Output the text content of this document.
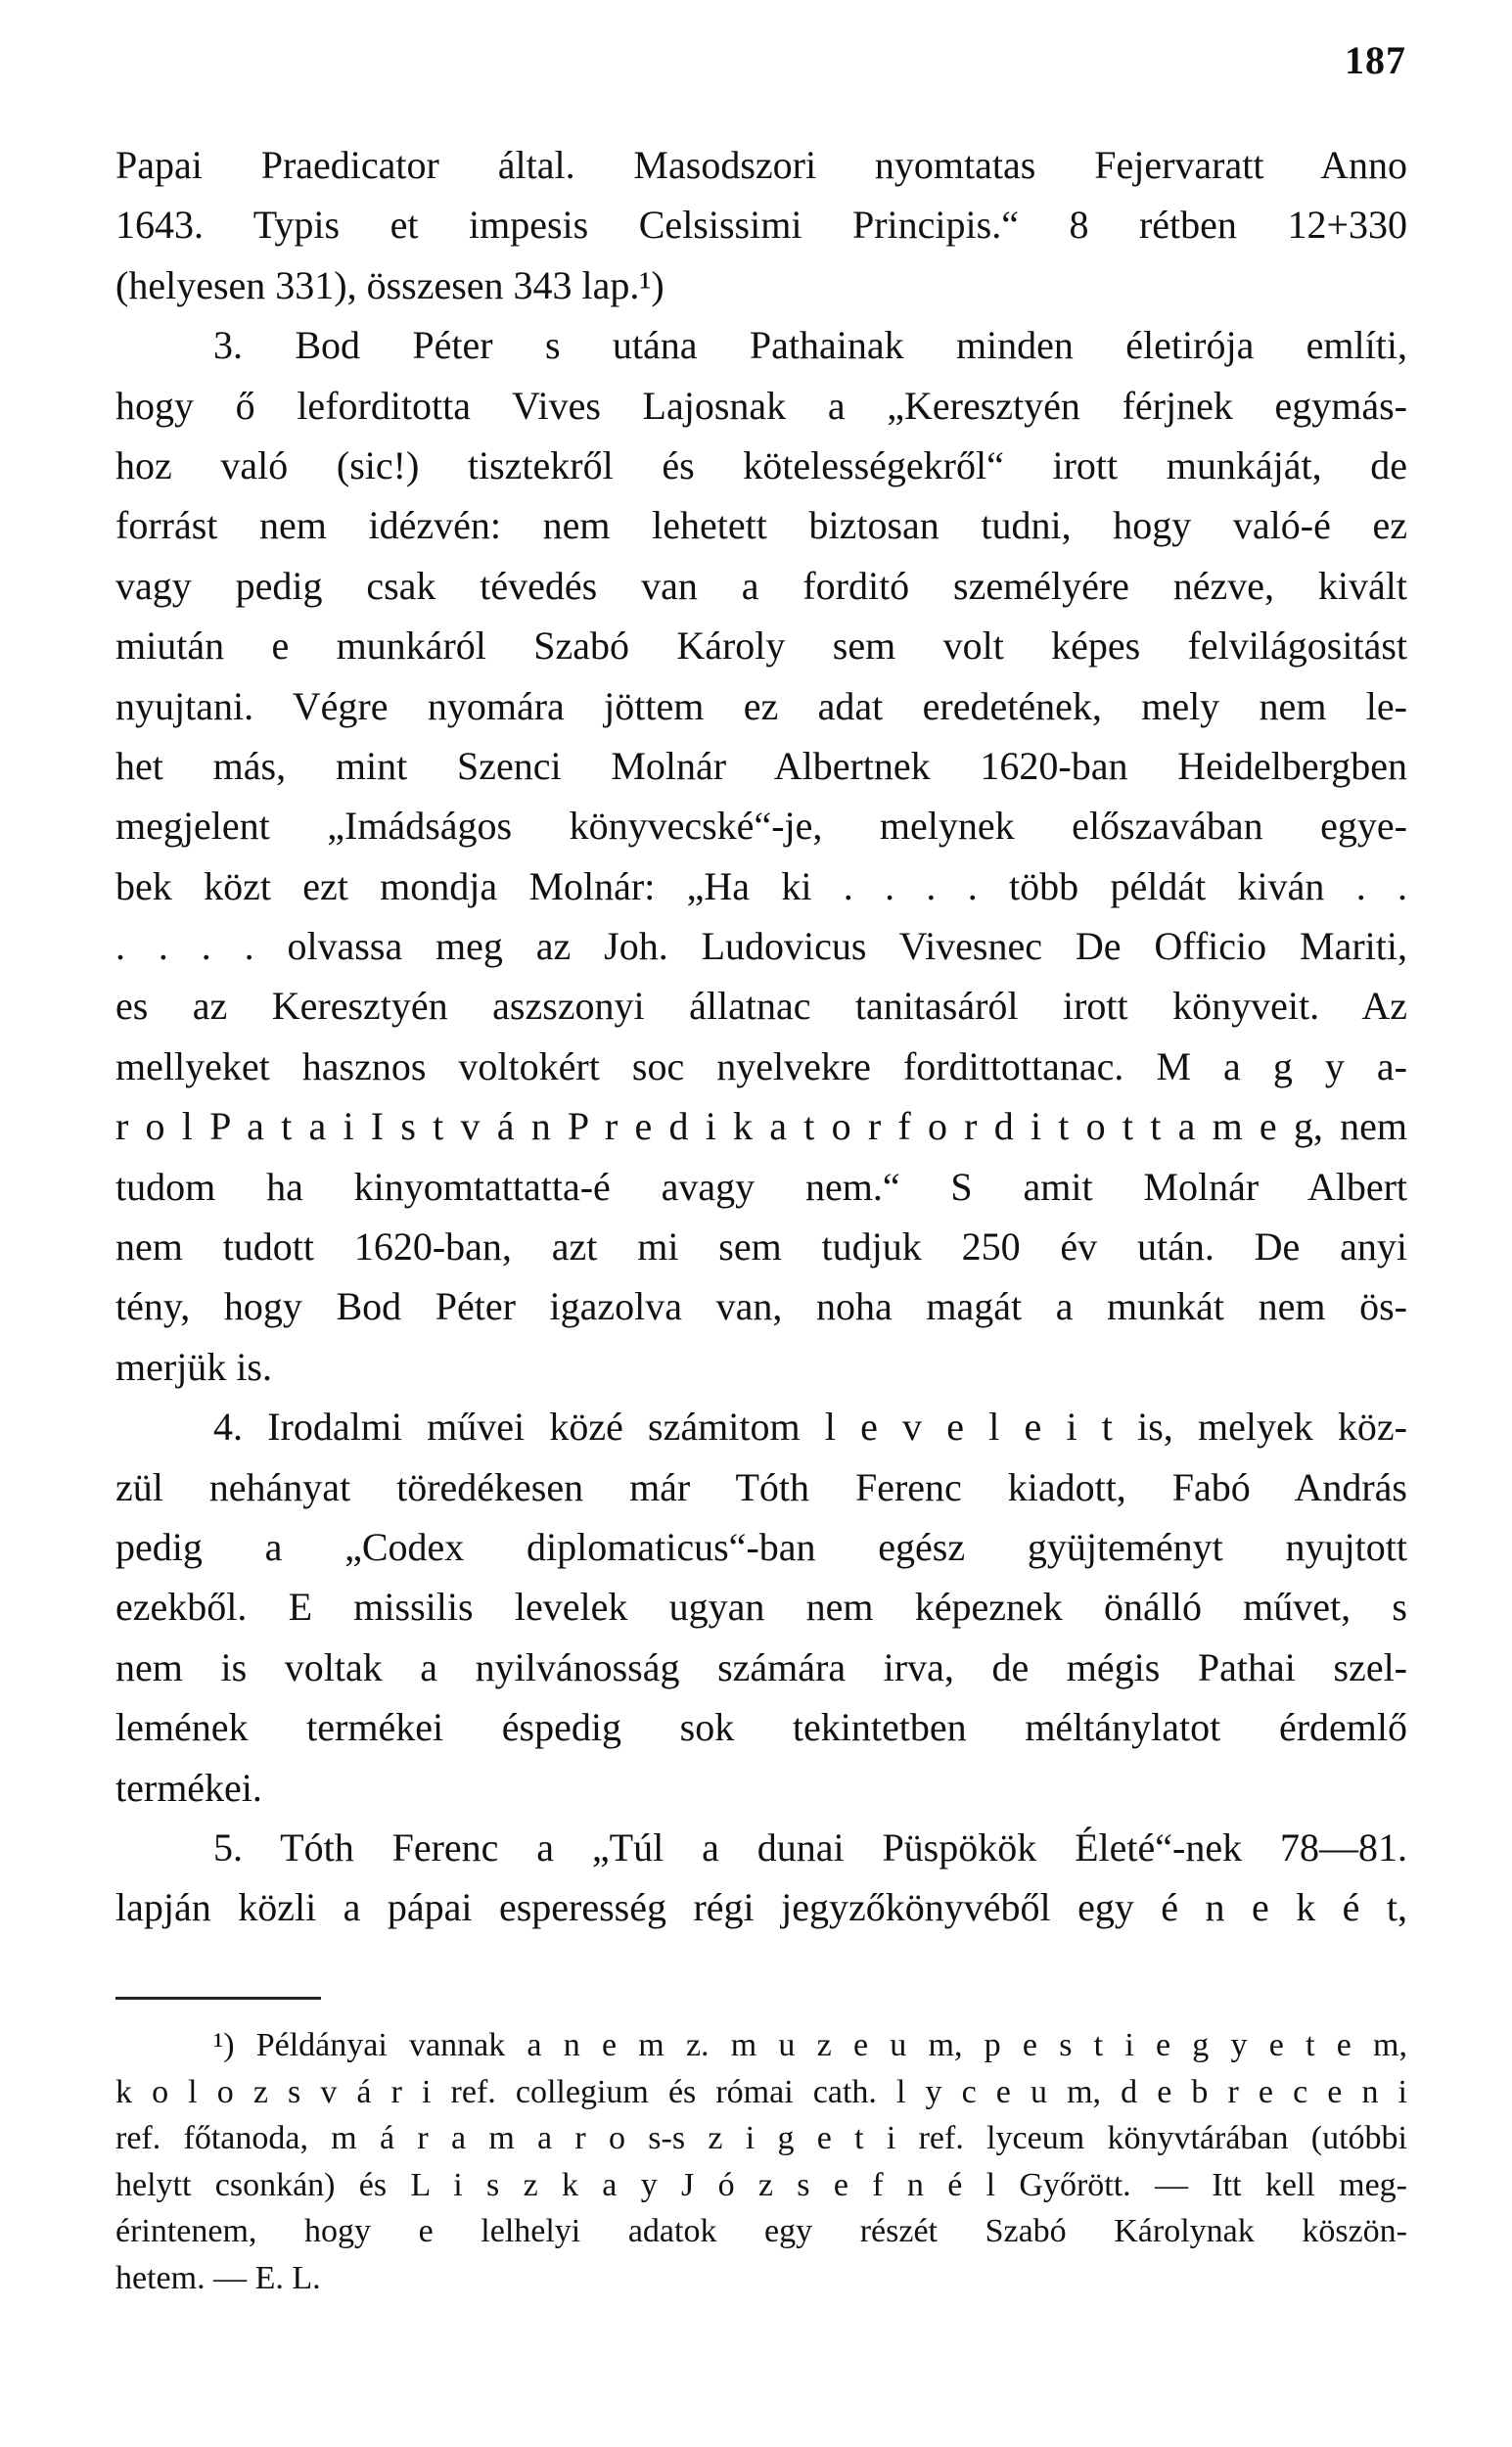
187
Papai Praedicator által. Masodszori nyomtatas Fejervaratt Anno
1643. Typis et impesis Celsissimi Principis.“ 8 rétben 12+330
(helyesen 331), összesen 343 lap.¹)
3. Bod Péter s utána Pathainak minden életirója említi,
hogy ő leforditotta Vives Lajosnak a „Keresztyén férjnek egymás-
hoz való (sic!) tisztekről és kötelességekről“ irott munkáját, de
forrást nem idézvén: nem lehetett biztosan tudni, hogy való-é ez
vagy pedig csak tévedés van a forditó személyére nézve, kivált
miután e munkáról Szabó Károly sem volt képes felvilágositást
nyujtani. Végre nyomára jöttem ez adat eredetének, mely nem le-
het más, mint Szenci Molnár Albertnek 1620-ban Heidelbergben
megjelent „Imádságos könyvecské“-je, melynek előszavában egye-
bek közt ezt mondja Molnár: „Ha ki . . . . több példát kiván . .
. . . . olvassa meg az Joh. Ludovicus Vivesnec De Officio Mariti,
es az Keresztyén aszszonyi állatnac tanitasáról irott könyveit. Az
mellyeket hasznos voltokért soc nyelvekre fordittottanac. M a g y a-
r o l P a t a i I s t v á n P r e d i k a t o r f o r d i t o t t a m e g, nem
tudom ha kinyomtattatta-é avagy nem.“ S amit Molnár Albert
nem tudott 1620-ban, azt mi sem tudjuk 250 év után. De anyi
tény, hogy Bod Péter igazolva van, noha magát a munkát nem ös-
merjük is.
4. Irodalmi művei közé számitom l e v e l e i t is, melyek köz-
zül nehányat töredékesen már Tóth Ferenc kiadott, Fabó András
pedig a „Codex diplomaticus“-ban egész gyüjteményt nyujtott
ezekből. E missilis levelek ugyan nem képeznek önálló művet, s
nem is voltak a nyilvánosság számára irva, de mégis Pathai szel-
lemének termékei éspedig sok tekintetben méltánylatot érdemlő
termékei.
5. Tóth Ferenc a „Túl a dunai Püspökök Életé“-nek 78—81.
lapján közli a pápai esperesség régi jegyzőkönyvéből egy é n e k é t,
¹) Példányai vannak a n e m z. m u z e u m, p e s t i e g y e t e m,
k o l o z s v á r i ref. collegium és római cath. l y c e u m, d e b r e c e n i
ref. főtanoda, m á r a m a r o s-s z i g e t i ref. lyceum könyvtárában (utóbbi
helytt csonkán) és L i s z k a y J ó z s e f n é l Győrött. — Itt kell meg-
érintenem, hogy e lelhelyi adatok egy részét Szabó Károlynak köszön-
hetem. — E. L.
